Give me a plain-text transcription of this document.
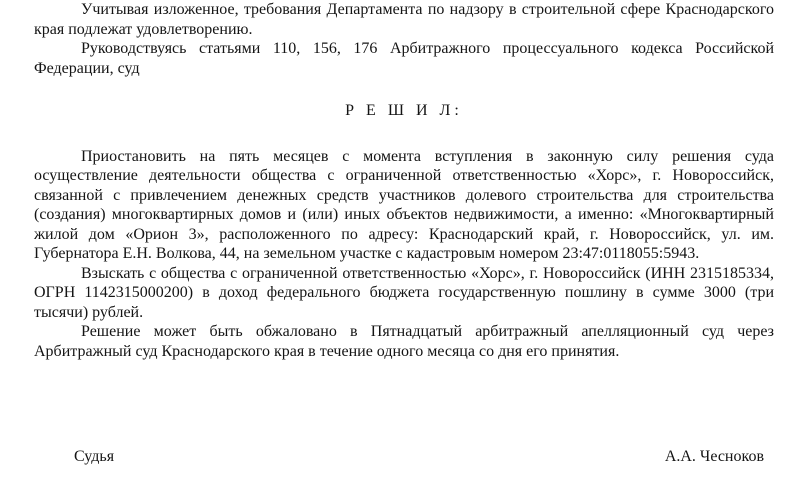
Учитывая изложенное, требования Департамента по надзору в строительной сфере Краснодарского края подлежат удовлетворению.

Руководствуясь статьями 110, 156, 176 Арбитражного процессуального кодекса Российской Федерации, суд

Р Е Ш И Л:

Приостановить на пять месяцев с момента вступления в законную силу решения суда осуществление деятельности общества с ограниченной ответственностью «Хорс», г. Новороссийск, связанной с привлечением денежных средств участников долевого строительства для строительства (создания) многоквартирных домов и (или) иных объектов недвижимости, а именно: «Многоквартирный жилой дом «Орион 3», расположенного по адресу: Краснодарский край, г. Новороссийск, ул. им. Губернатора Е.Н. Волкова, 44, на земельном участке с кадастровым номером 23:47:0118055:5943.

Взыскать с общества с ограниченной ответственностью «Хорс», г. Новороссийск (ИНН 2315185334, ОГРН 1142315000200) в доход федерального бюджета государственную пошлину в сумме 3000 (три тысячи) рублей.

Решение может быть обжаловано в Пятнадцатый арбитражный апелляционный суд через Арбитражный суд Краснодарского края в течение одного месяца со дня его принятия.

Судья	А.А. Чесноков
